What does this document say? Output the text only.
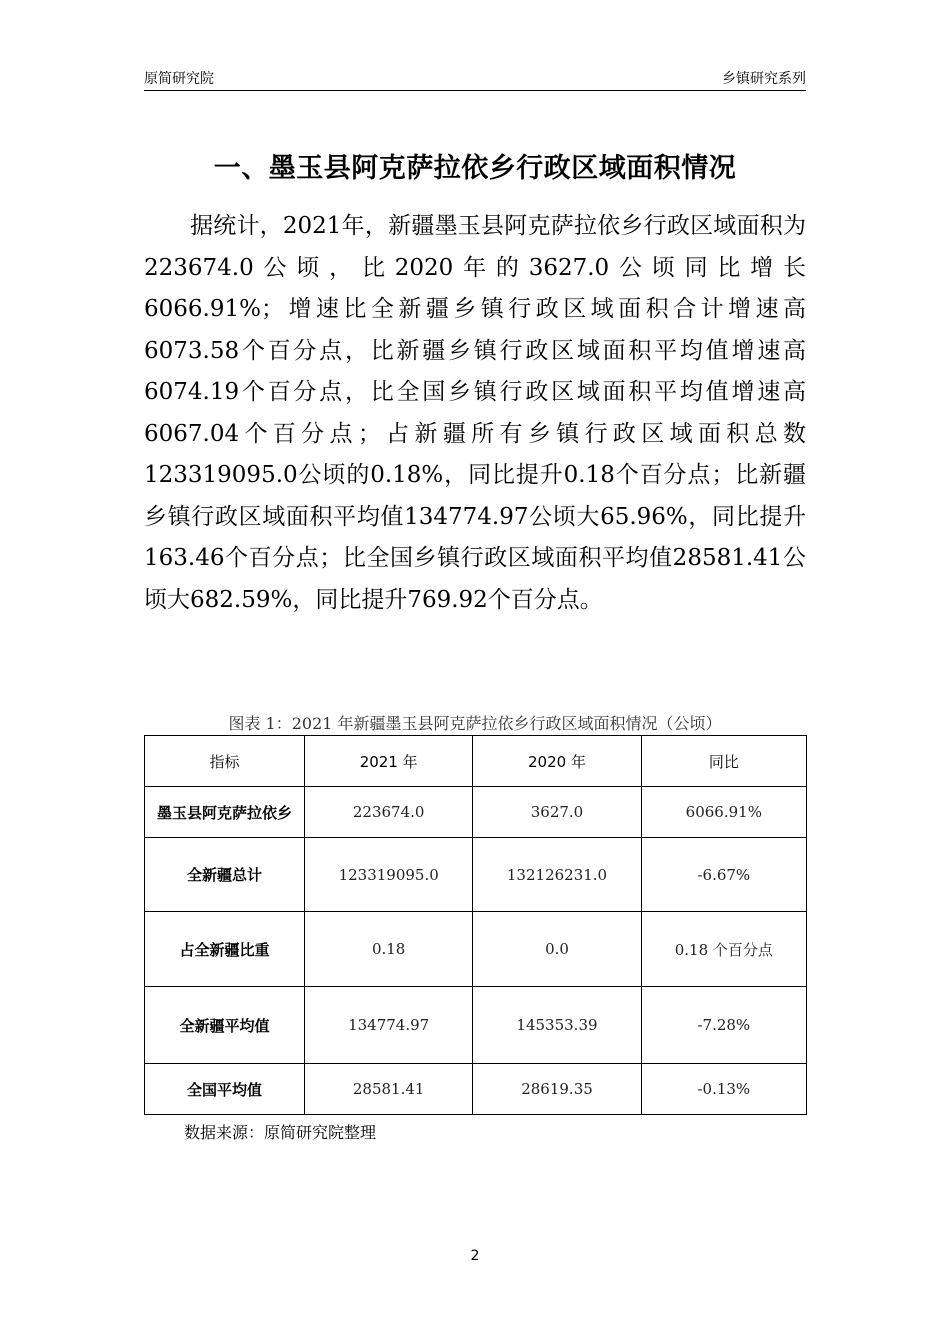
原简研究院	乡镇研究系列
一、墨玉县阿克萨拉依乡行政区域面积情况

据统计，2021年，新疆墨玉县阿克萨拉依乡行政区域面积为223674.0公顷，比2020年的3627.0公顷同比增长6066.91%；增速比全新疆乡镇行政区域面积合计增速高6073.58个百分点，比新疆乡镇行政区域面积平均值增速高6074.19个百分点，比全国乡镇行政区域面积平均值增速高6067.04个百分点；占新疆所有乡镇行政区域面积总数123319095.0公顷的0.18%，同比提升0.18个百分点；比新疆乡镇行政区域面积平均值134774.97公顷大65.96%，同比提升163.46个百分点；比全国乡镇行政区域面积平均值28581.41公顷大682.59%，同比提升769.92个百分点。

图表 1：2021 年新疆墨玉县阿克萨拉依乡行政区域面积情况（公顷）
指标	2021 年	2020 年	同比
墨玉县阿克萨拉依乡	223674.0	3627.0	6066.91%
全新疆总计	123319095.0	132126231.0	-6.67%
占全新疆比重	0.18	0.0	0.18 个百分点
全新疆平均值	134774.97	145353.39	-7.28%
全国平均值	28581.41	28619.35	-0.13%
数据来源：原简研究院整理
2
